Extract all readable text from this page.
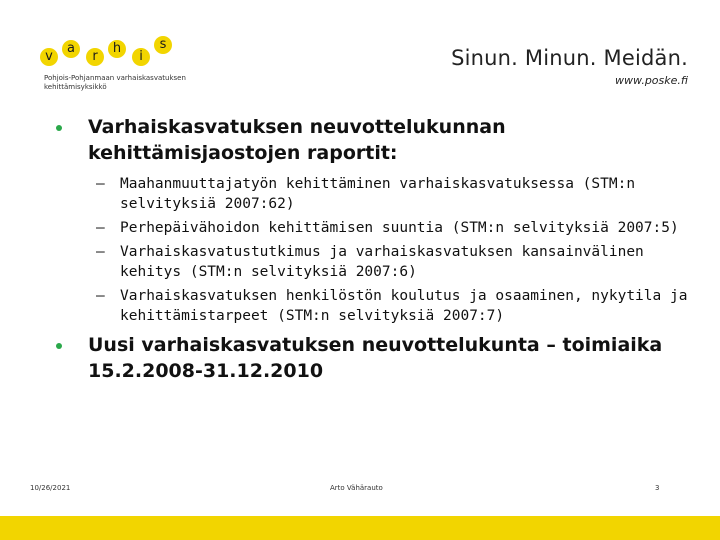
v
a
r
h
i
s
Pohjois-Pohjanmaan varhaiskasvatuksen
kehittämisyksikkö
Sinun. Minun. Meidän.
www.poske.fi
Varhaiskasvatuksen neuvottelukunnan kehittämisjaostojen raportit:
– Maahanmuuttajatyön kehittäminen varhaiskasvatuksessa (STM:n selvityksiä 2007:62)
– Perhepäivähoidon kehittämisen suuntia (STM:n selvityksiä 2007:5)
– Varhaiskasvatustutkimus ja varhaiskasvatuksen kansainvälinen kehitys (STM:n selvityksiä 2007:6)
– Varhaiskasvatuksen henkilöstön koulutus ja osaaminen, nykytila ja kehittämistarpeet (STM:n selvityksiä 2007:7)
Uusi varhaiskasvatuksen neuvottelukunta – toimiaika 15.2.2008-31.12.2010
10/26/2021	Arto Vähärauto	3
